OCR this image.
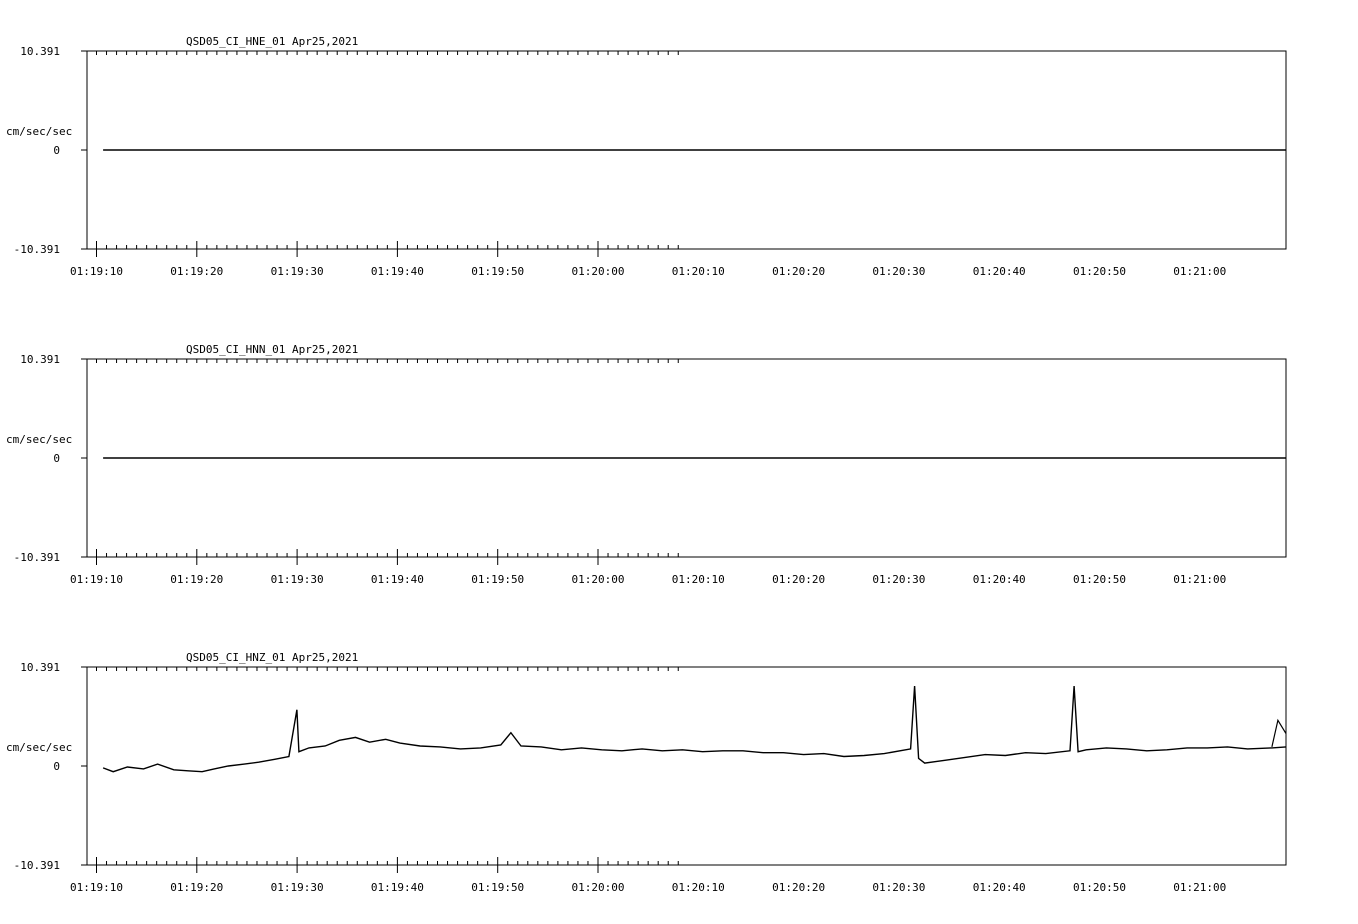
QSD05_CI_HNE_01 Apr25,2021
10.391
0
-10.391
cm/sec/sec
01:19:10	01:19:20	01:19:30	01:19:40	01:19:50	01:20:00	01:20:10	01:20:20	01:20:30	01:20:40	01:20:50	01:21:00
QSD05_CI_HNN_01 Apr25,2021
10.391
0
-10.391
cm/sec/sec
01:19:10	01:19:20	01:19:30	01:19:40	01:19:50	01:20:00	01:20:10	01:20:20	01:20:30	01:20:40	01:20:50	01:21:00
QSD05_CI_HNZ_01 Apr25,2021
10.391
0
-10.391
cm/sec/sec
01:19:10	01:19:20	01:19:30	01:19:40	01:19:50	01:20:00	01:20:10	01:20:20	01:20:30	01:20:40	01:20:50	01:21:00
